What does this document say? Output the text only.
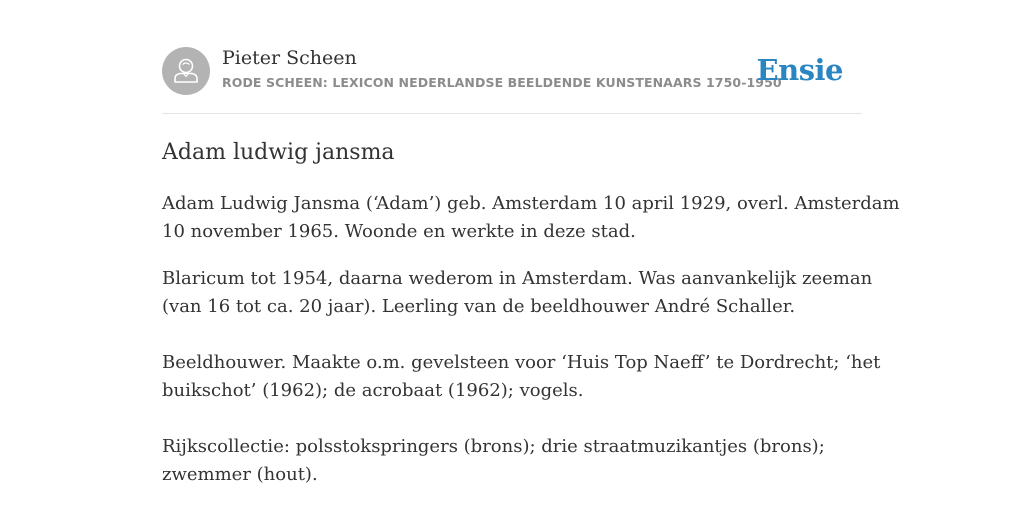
Pieter Scheen
RODE SCHEEN: LEXICON NEDERLANDSE BEELDENDE KUNSTENAARS 1750-1950
Ensie
Adam ludwig jansma

Adam Ludwig Jansma (‘Adam’) geb. Amsterdam 10 april 1929, overl. Amsterdam
10 november 1965. Woonde en werkte in deze stad.

Blaricum tot 1954, daarna wederom in Amsterdam. Was aanvankelijk zeeman
(van 16 tot ca. 20 jaar). Leerling van de beeldhouwer André Schaller.

Beeldhouwer. Maakte o.m. gevelsteen voor ‘Huis Top Naeff’ te Dordrecht; ‘het
buikschot’ (1962); de acrobaat (1962); vogels.

Rijkscollectie: polsstokspringers (brons); drie straatmuzikantjes (brons);
zwemmer (hout).
